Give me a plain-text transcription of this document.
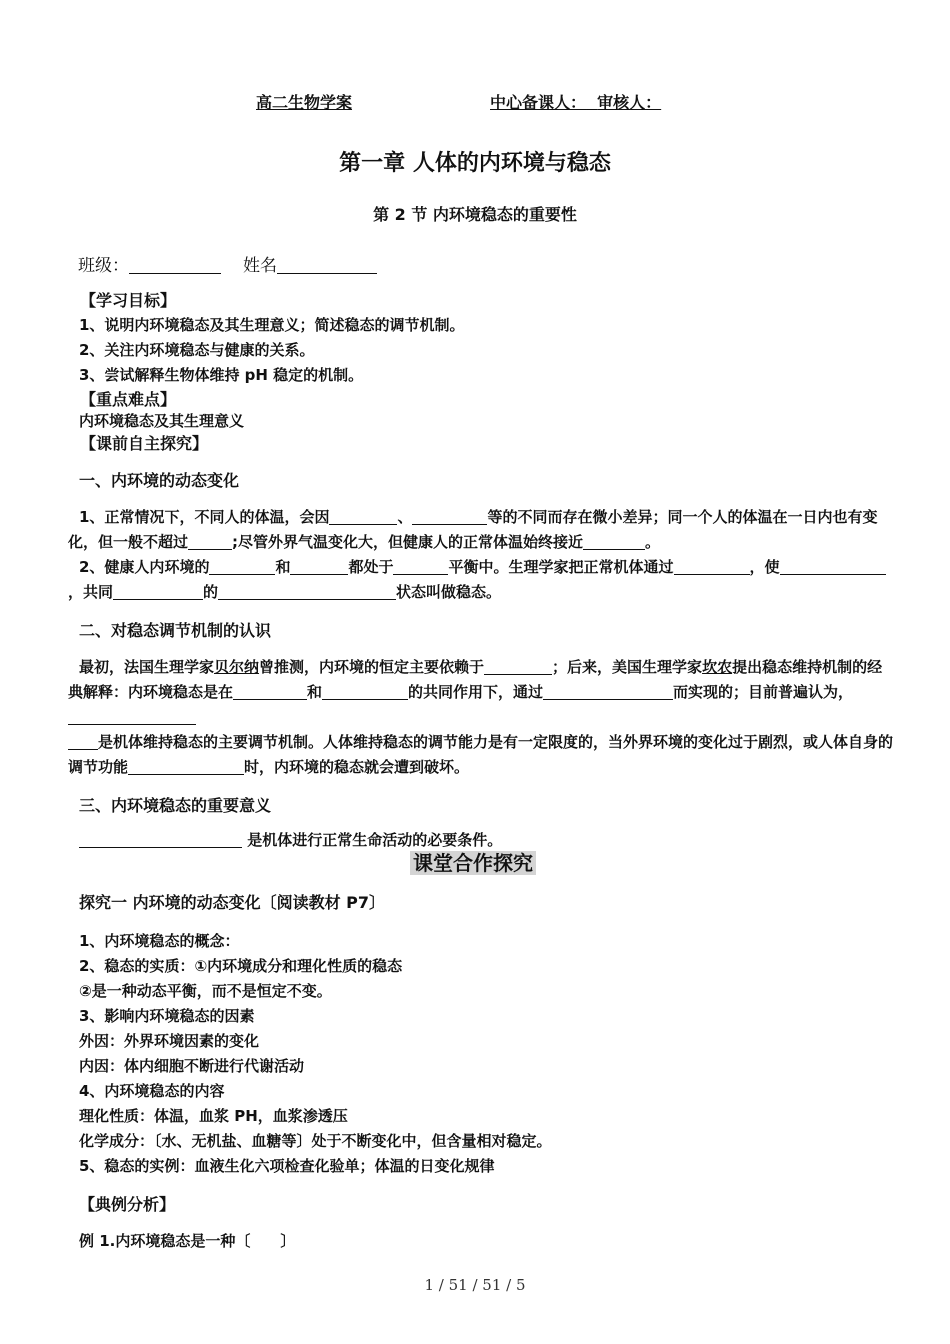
高二生物学案	中心备课人： 审核人：
第一章 人体的内环境与稳态
第 2 节 内环境稳态的重要性
班级：	姓名
【学习目标】
1、说明内环境稳态及其生理意义；简述稳态的调节机制。
2、关注内环境稳态与健康的关系。
3、尝试解释生物体维持 pH 稳定的机制。
【重点难点】
内环境稳态及其生理意义
【课前自主探究】
一、内环境的动态变化
1、正常情况下，不同人的体温，会因	、	等的不同而存在微小差异；同一个人的体温在一日内也有变化，但一般不超过	;尽管外界气温变化大，但健康人的正常体温始终接近	。
2、健康人内环境的	和	都处于	平衡中。生理学家把正常机体通过	，使，共同	的	状态叫做稳态。
二、对稳态调节机制的认识
最初，法国生理学家贝尔纳曾推测，内环境的恒定主要依赖于	；后来，美国生理学家坎农提出稳态维持机制的经典解释：内环境稳态是在	和	的共同作用下，通过	而实现的；目前普遍认为，
是机体维持稳态的主要调节机制。人体维持稳态的调节能力是有一定限度的，当外界环境的变化过于剧烈，或人体自身的调节功能	时，内环境的稳态就会遭到破坏。
三、内环境稳态的重要意义
是机体进行正常生命活动的必要条件。
课堂合作探究
探究一 内环境的动态变化〔阅读教材 P7〕
1、内环境稳态的概念：
2、稳态的实质：①内环境成分和理化性质的稳态
②是一种动态平衡，而不是恒定不变。
3、影响内环境稳态的因素
外因：外界环境因素的变化
内因：体内细胞不断进行代谢活动
4、内环境稳态的内容
理化性质：体温，血浆 PH，血浆渗透压
化学成分：〔水、无机盐、血糖等〕处于不断变化中，但含量相对稳定。
5、稳态的实例：血液生化六项检查化验单；体温的日变化规律
【典例分析】
例 1.内环境稳态是一种〔　　〕
1 / 51 / 51 / 5
